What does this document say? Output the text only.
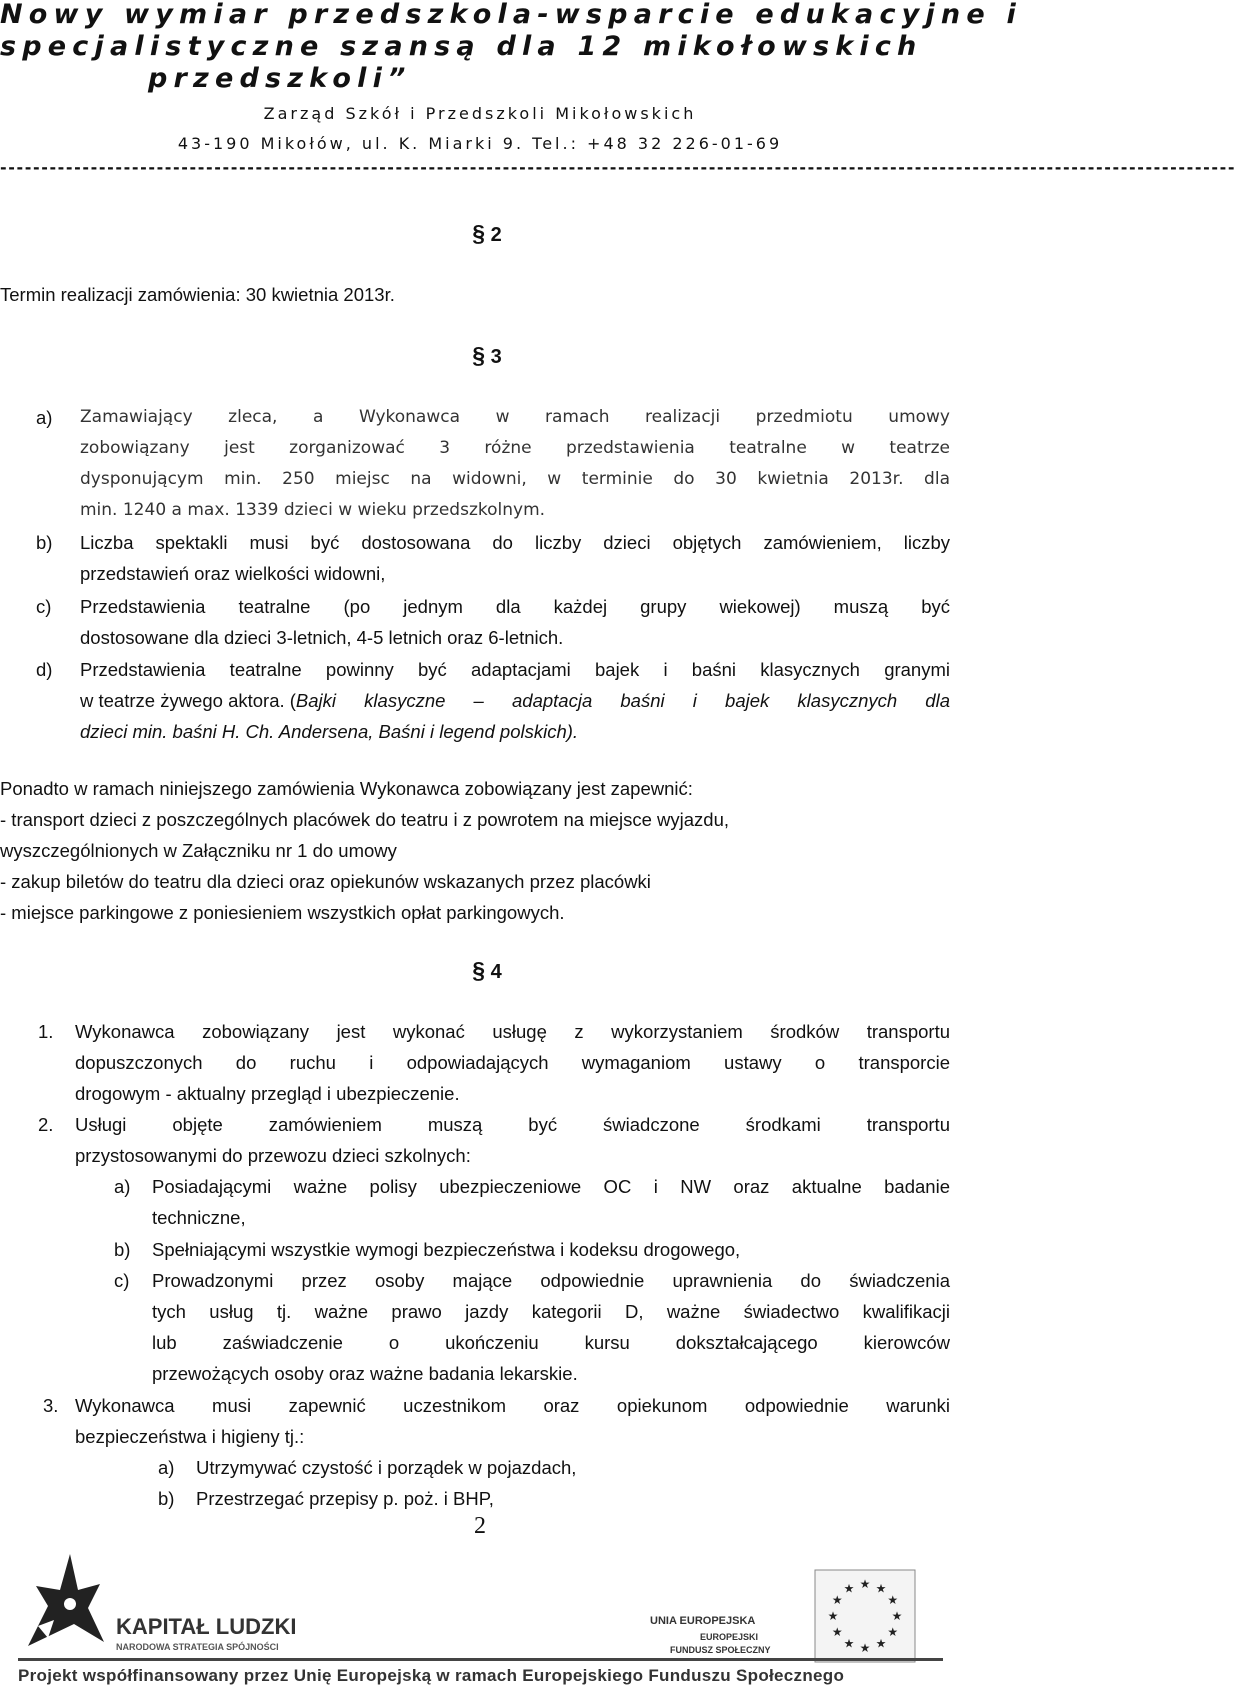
Nowy wymiar przedszkola-wsparcie edukacyjne i
specjalistyczne szansą dla 12 mikołowskich
przedszkoli”
Zarząd Szkół i Przedszkoli Mikołowskich
43-190 Mikołów, ul. K. Miarki 9. Tel.: +48 32 226-01-69
------------------------------------------------------------------------------------------------------------------------------------------------------
§ 2
Termin realizacji zamówienia: 30 kwietnia 2013r.
§ 3
a) Zamawiający zleca, a Wykonawca w ramach realizacji przedmiotu umowy
zobowiązany jest zorganizować 3 różne przedstawienia teatralne w teatrze
dysponującym min. 250 miejsc na widowni, w terminie do 30 kwietnia 2013r. dla
min. 1240 a max. 1339 dzieci w wieku przedszkolnym.
b) Liczba spektakli musi być dostosowana do liczby dzieci objętych zamówieniem, liczby
przedstawień oraz wielkości widowni,
c) Przedstawienia teatralne (po jednym dla każdej grupy wiekowej) muszą być
dostosowane dla dzieci 3-letnich, 4-5 letnich oraz 6-letnich.
d) Przedstawienia teatralne powinny być adaptacjami bajek i baśni klasycznych granymi
w teatrze żywego aktora. ( Bajki klasyczne – adaptacja baśni i bajek klasycznych dla
dzieci min. baśni H. Ch. Andersena, Baśni i legend polskich).
Ponadto w ramach niniejszego zamówienia Wykonawca zobowiązany jest zapewnić:
- transport dzieci z poszczególnych placówek do teatru i z powrotem na miejsce wyjazdu,
wyszczególnionych w Załączniku nr 1 do umowy
- zakup biletów do teatru dla dzieci oraz opiekunów wskazanych przez placówki
- miejsce parkingowe z poniesieniem wszystkich opłat parkingowych.
§ 4
1. Wykonawca zobowiązany jest wykonać usługę z wykorzystaniem środków transportu
dopuszczonych do ruchu i odpowiadających wymaganiom ustawy o transporcie
drogowym - aktualny przegląd i ubezpieczenie.
2. Usługi objęte zamówieniem muszą być świadczone środkami transportu
przystosowanymi do przewozu dzieci szkolnych:
a) Posiadającymi ważne polisy ubezpieczeniowe OC i NW oraz aktualne badanie
techniczne,
b) Spełniającymi wszystkie wymogi bezpieczeństwa i kodeksu drogowego,
c) Prowadzonymi przez osoby mające odpowiednie uprawnienia do świadczenia
tych usług tj. ważne prawo jazdy kategorii D, ważne świadectwo kwalifikacji
lub zaświadczenie o ukończeniu kursu dokształcającego kierowców
przewożących osoby oraz ważne badania lekarskie.
3. Wykonawca musi zapewnić uczestnikom oraz opiekunom odpowiednie warunki
bezpieczeństwa i higieny tj.:
a) Utrzymywać czystość i porządek w pojazdach,
b) Przestrzegać przepisy p. poż. i BHP,
2
KAPITAŁ LUDZKI
NARODOWA STRATEGIA SPÓJNOŚCI
UNIA EUROPEJSKA
EUROPEJSKI
FUNDUSZ SPOŁECZNY
★
★
★
★
★
★
★
★
★ ★ ★
★
Projekt współfinansowany przez Unię Europejską w ramach Europejskiego Funduszu Społecznego
